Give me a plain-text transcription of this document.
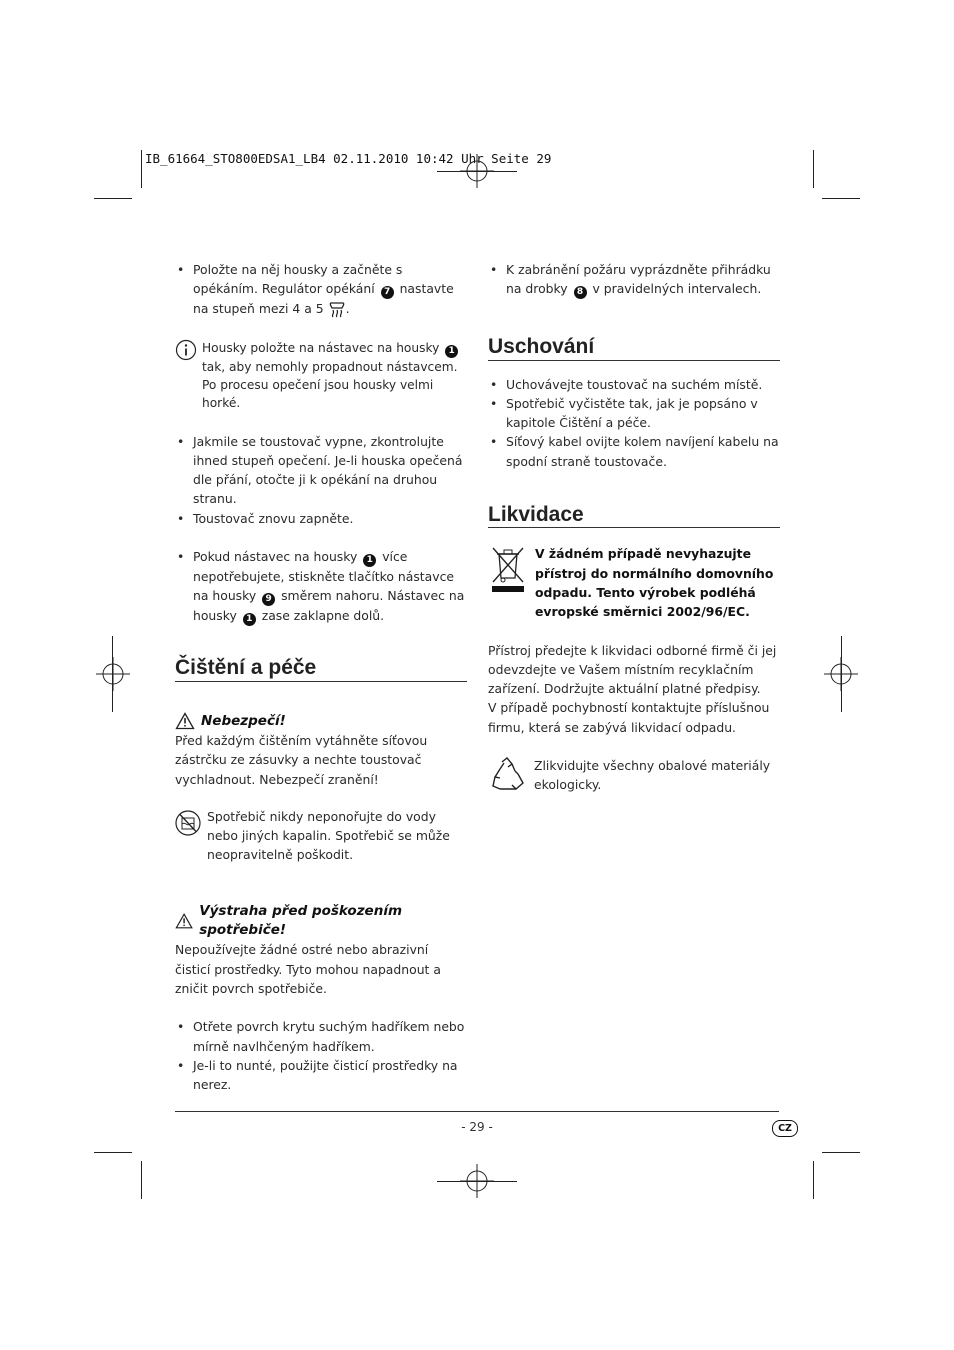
IB_61664_STO800EDSA1_LB4 02.11.2010 10:42 Uhr Seite 29
• Položte na něj housky a začněte s opékáním. Regulátor opékání 7 nastavte na stupeň mezi 4 a 5 .
Housky položte na nástavec na housky 1 tak, aby nemohly propadnout nástavcem. Po procesu opečení jsou housky velmi horké.
• Jakmile se toustovač vypne, zkontrolujte ihned stupeň opečení. Je-li houska opečená dle přání, otočte ji k opékání na druhou stranu.
• Toustovač znovu zapněte.
• Pokud nástavec na housky 1 více nepotřebujete, stiskněte tlačítko nástavce na housky 9 směrem nahoru. Nástavec na housky 1 zase zaklapne dolů.
Čištění a péče
Nebezpečí!
Před každým čištěním vytáhněte síťovou zástrčku ze zásuvky a nechte toustovač vychladnout. Nebezpečí zranění!
Spotřebič nikdy neponořujte do vody nebo jiných kapalin. Spotřebič se může neopravitelně poškodit.
Výstraha před poškozením spotřebiče!
Nepoužívejte žádné ostré nebo abrazivní čisticí prostředky. Tyto mohou napadnout a zničit povrch spotřebiče.
• Otřete povrch krytu suchým hadříkem nebo mírně navlhčeným hadříkem.
• Je-li to nunté, použijte čisticí prostředky na nerez.
• K zabránění požáru vyprázdněte přihrádku na drobky 8 v pravidelných intervalech.
Uschování
• Uchovávejte toustovač na suchém místě.
• Spotřebič vyčistěte tak, jak je popsáno v kapitole Čištění a péče.
• Síťový kabel ovijte kolem navíjení kabelu na spodní straně toustovače.
Likvidace
V žádném případě nevyhazujte přístroj do normálního domovního odpadu. Tento výrobek podléhá evropské směrnici 2002/96/EC.
Přístroj předejte k likvidaci odborné firmě či jej odevzdejte ve Vašem místním recyklačním zařízení. Dodržujte aktuální platné předpisy.
V případě pochybností kontaktujte příslušnou firmu, která se zabývá likvidací odpadu.
Zlikvidujte všechny obalové materiály ekologicky.
- 29 -	CZ
